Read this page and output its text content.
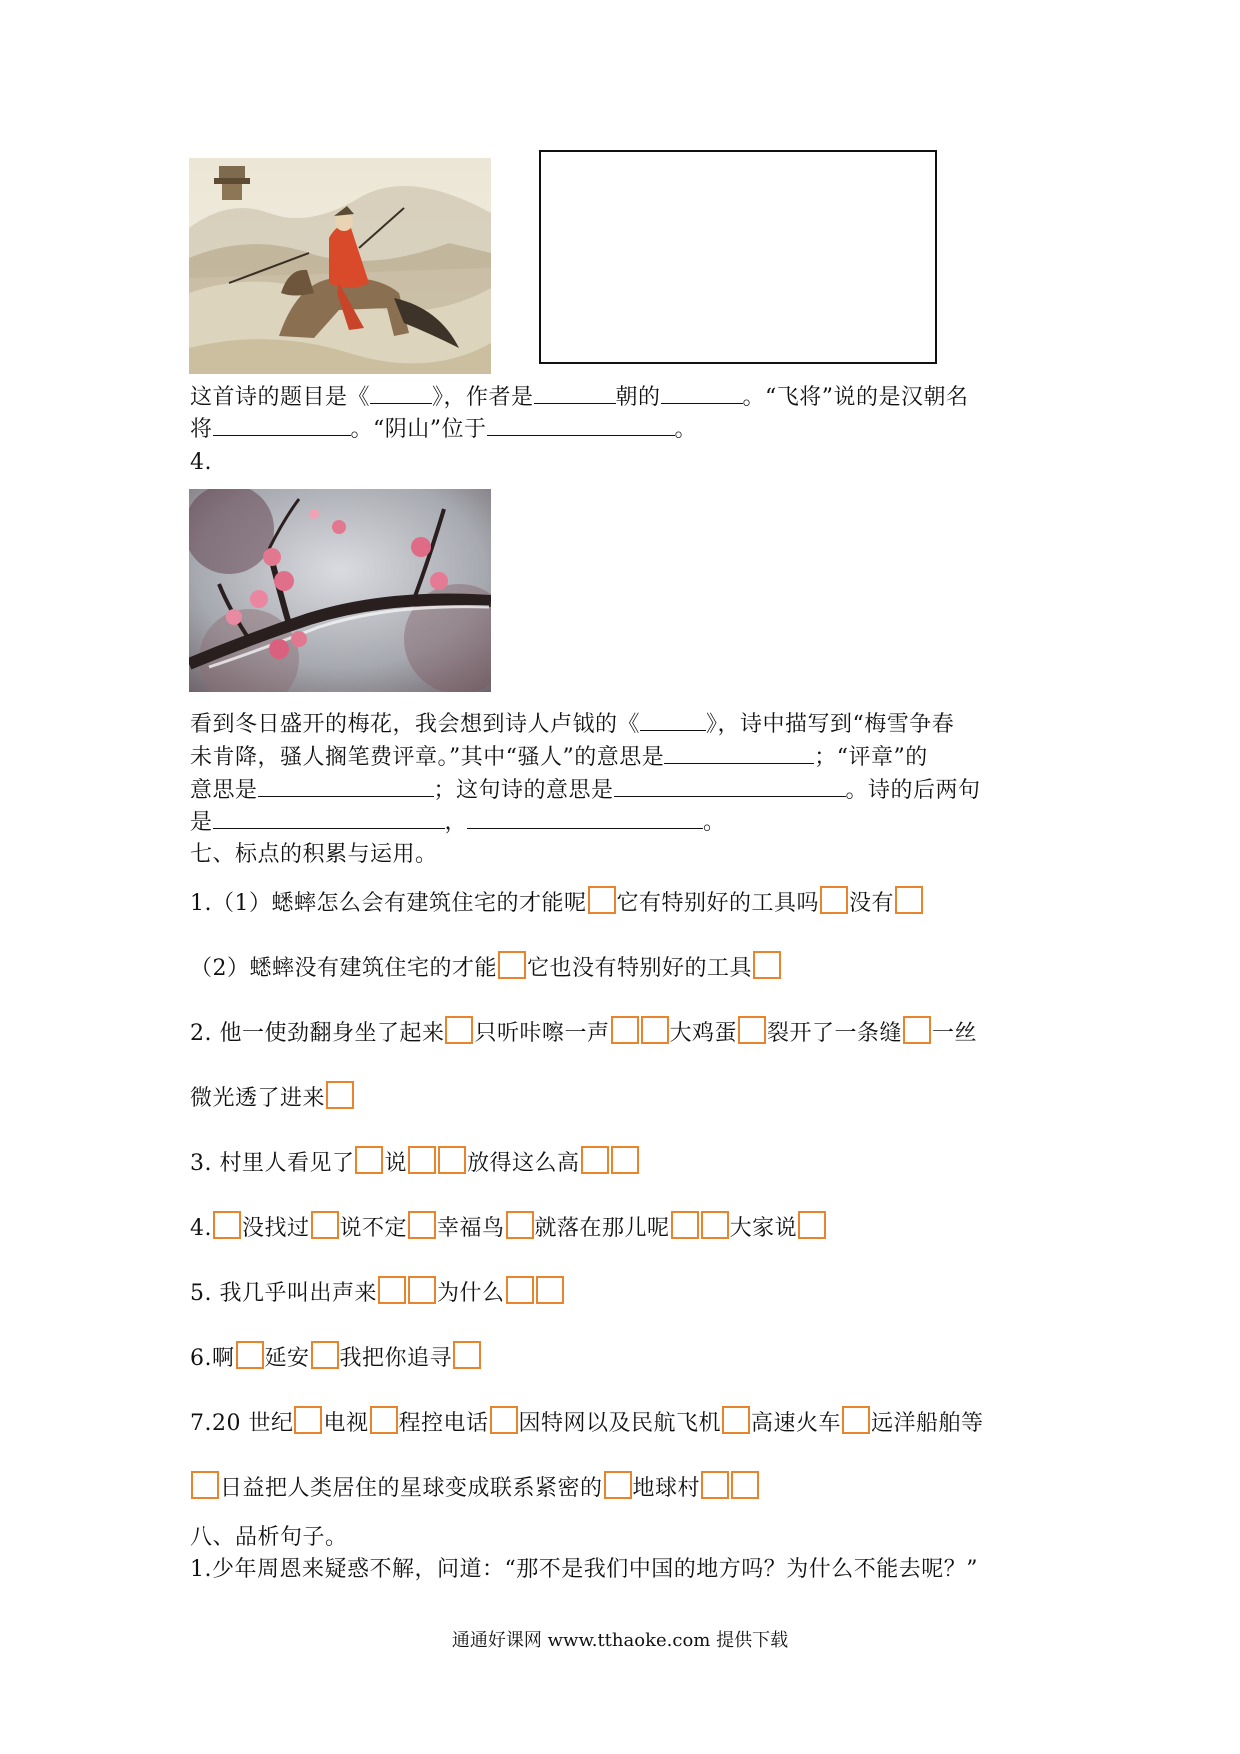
这首诗的题目是《	》，作者是	朝的	。“飞将”说的是汉朝名
将	。“阴山”位于	。
4.
看到冬日盛开的梅花，我会想到诗人卢钺的《	》，诗中描写到“梅雪争春
未肯降，骚人搁笔费评章。”其中“骚人”的意思是	；“评章”的
意思是	；这句诗的意思是	。诗的后两句
是	，	。
七、标点的积累与运用。
1.（1）蟋蟀怎么会有建筑住宅的才能呢 它有特别好的工具吗 没有
（2）蟋蟀没有建筑住宅的才能 它也没有特别好的工具
2. 他一使劲翻身坐了起来 只听咔嚓一声	大鸡蛋 裂开了一条缝 一丝
微光透了进来
3. 村里人看见了 说	放得这么高
4. 没找过 说不定 幸福鸟 就落在那儿呢	大家说
5. 我几乎叫出声来	为什么
6.啊 延安 我把你追寻
7.20 世纪 电视 程控电话 因特网以及民航飞机 高速火车 远洋船舶等
日益把人类居住的星球变成联系紧密的 地球村
八、品析句子。
1.少年周恩来疑惑不解，问道：“那不是我们中国的地方吗？为什么不能去呢？”
通通好课网 www.tthaoke.com 提供下载
